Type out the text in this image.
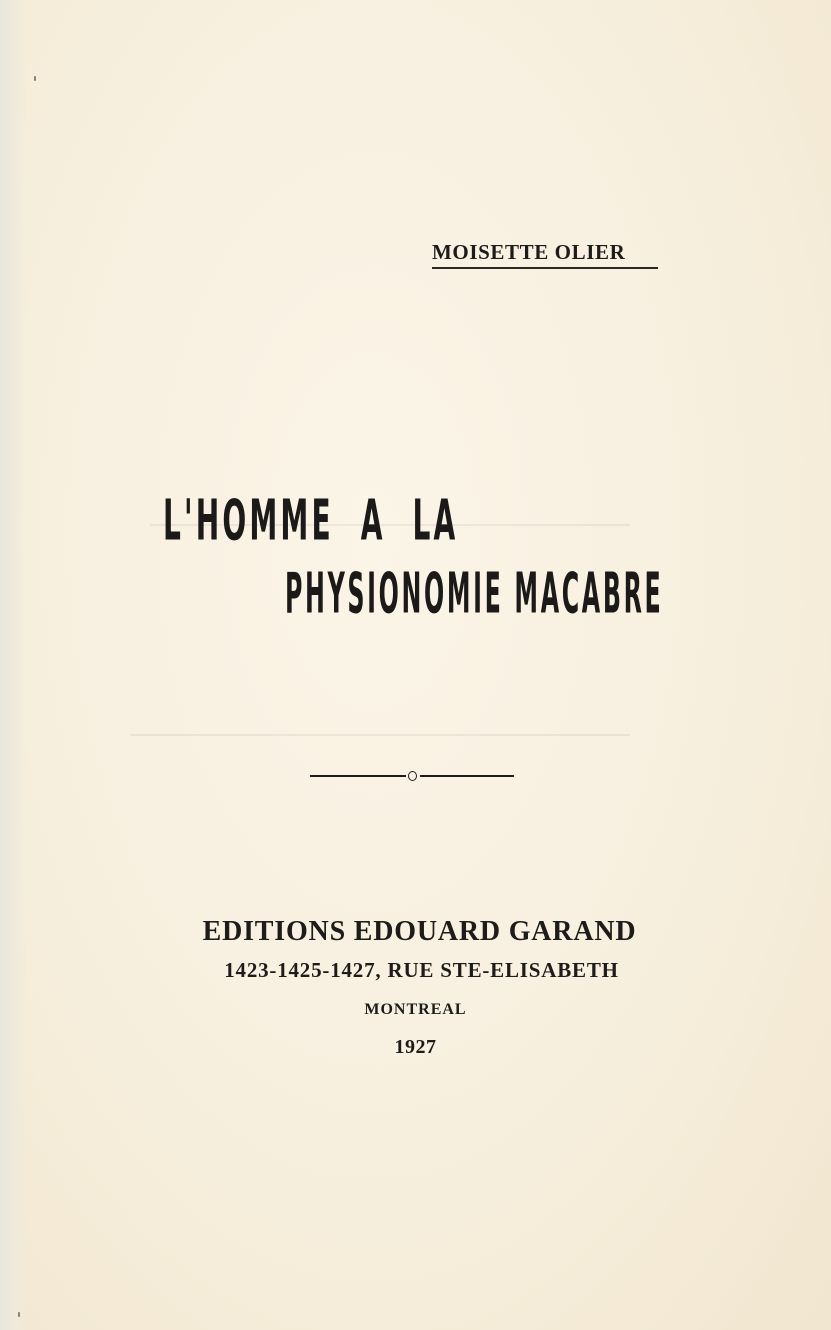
MOISETTE OLIER
L'HOMME A LA
PHYSIONOMIE MACABRE
EDITIONS EDOUARD GARAND
1423-1425-1427, RUE STE-ELISABETH
MONTREAL
1927
